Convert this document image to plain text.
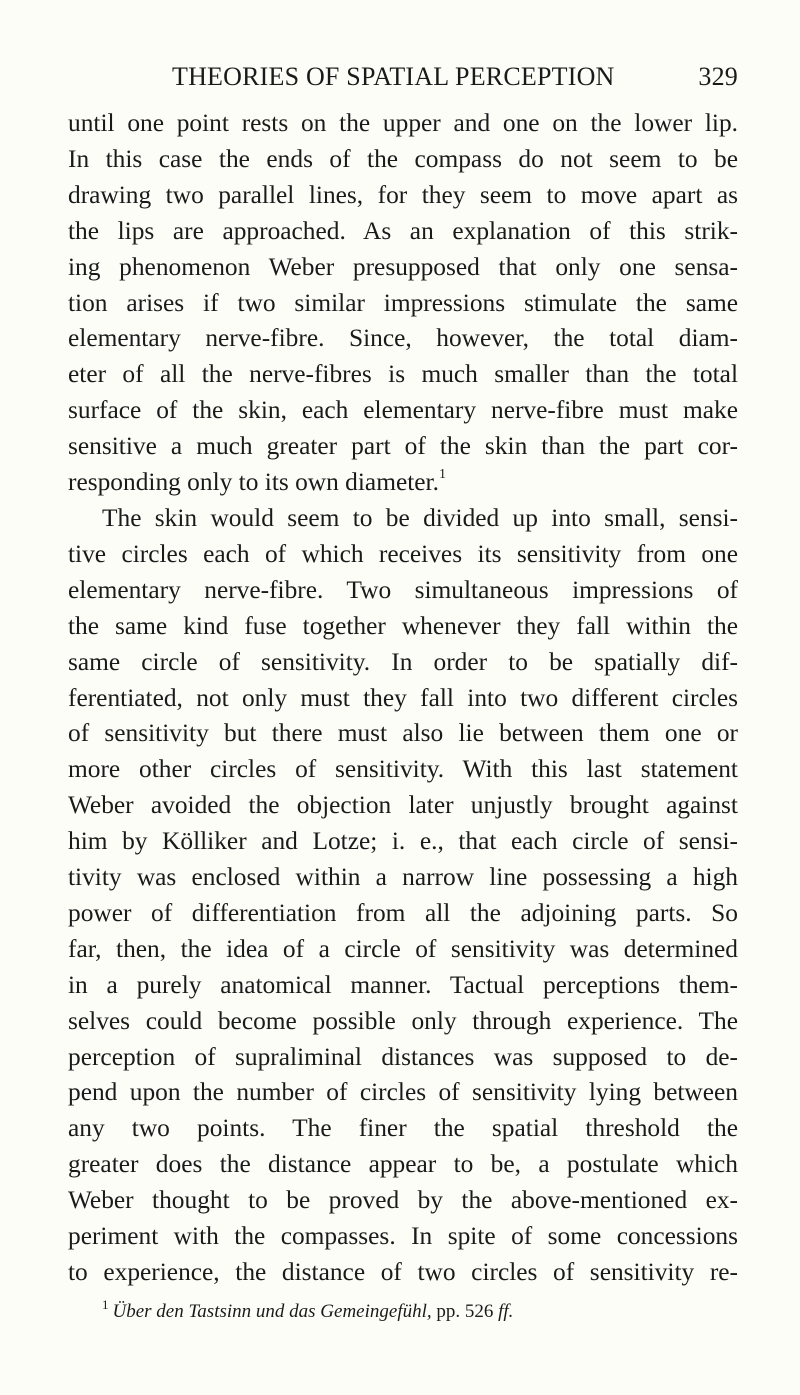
THEORIES OF SPATIAL PERCEPTION	329
until one point rests on the upper and one on the lower lip.
In this case the ends of the compass do not seem to be
drawing two parallel lines, for they seem to move apart as
the lips are approached. As an explanation of this strik-
ing phenomenon Weber presupposed that only one sensa-
tion arises if two similar impressions stimulate the same
elementary nerve-fibre. Since, however, the total diam-
eter of all the nerve-fibres is much smaller than the total
surface of the skin, each elementary nerve-fibre must make
sensitive a much greater part of the skin than the part cor-
responding only to its own diameter.$^1$
The skin would seem to be divided up into small, sensi-
tive circles each of which receives its sensitivity from one
elementary nerve-fibre. Two simultaneous impressions of
the same kind fuse together whenever they fall within the
same circle of sensitivity. In order to be spatially dif-
ferentiated, not only must they fall into two different circles
of sensitivity but there must also lie between them one or
more other circles of sensitivity. With this last statement
Weber avoided the objection later unjustly brought against
him by Kölliker and Lotze; i. e., that each circle of sensi-
tivity was enclosed within a narrow line possessing a high
power of differentiation from all the adjoining parts. So
far, then, the idea of a circle of sensitivity was determined
in a purely anatomical manner. Tactual perceptions them-
selves could become possible only through experience. The
perception of supraliminal distances was supposed to de-
pend upon the number of circles of sensitivity lying between
any two points. The finer the spatial threshold the
greater does the distance appear to be, a postulate which
Weber thought to be proved by the above-mentioned ex-
periment with the compasses. In spite of some concessions
to experience, the distance of two circles of sensitivity re-
$^1$ Über den Tastsinn und das Gemeingefühl, pp. 526 ff.
